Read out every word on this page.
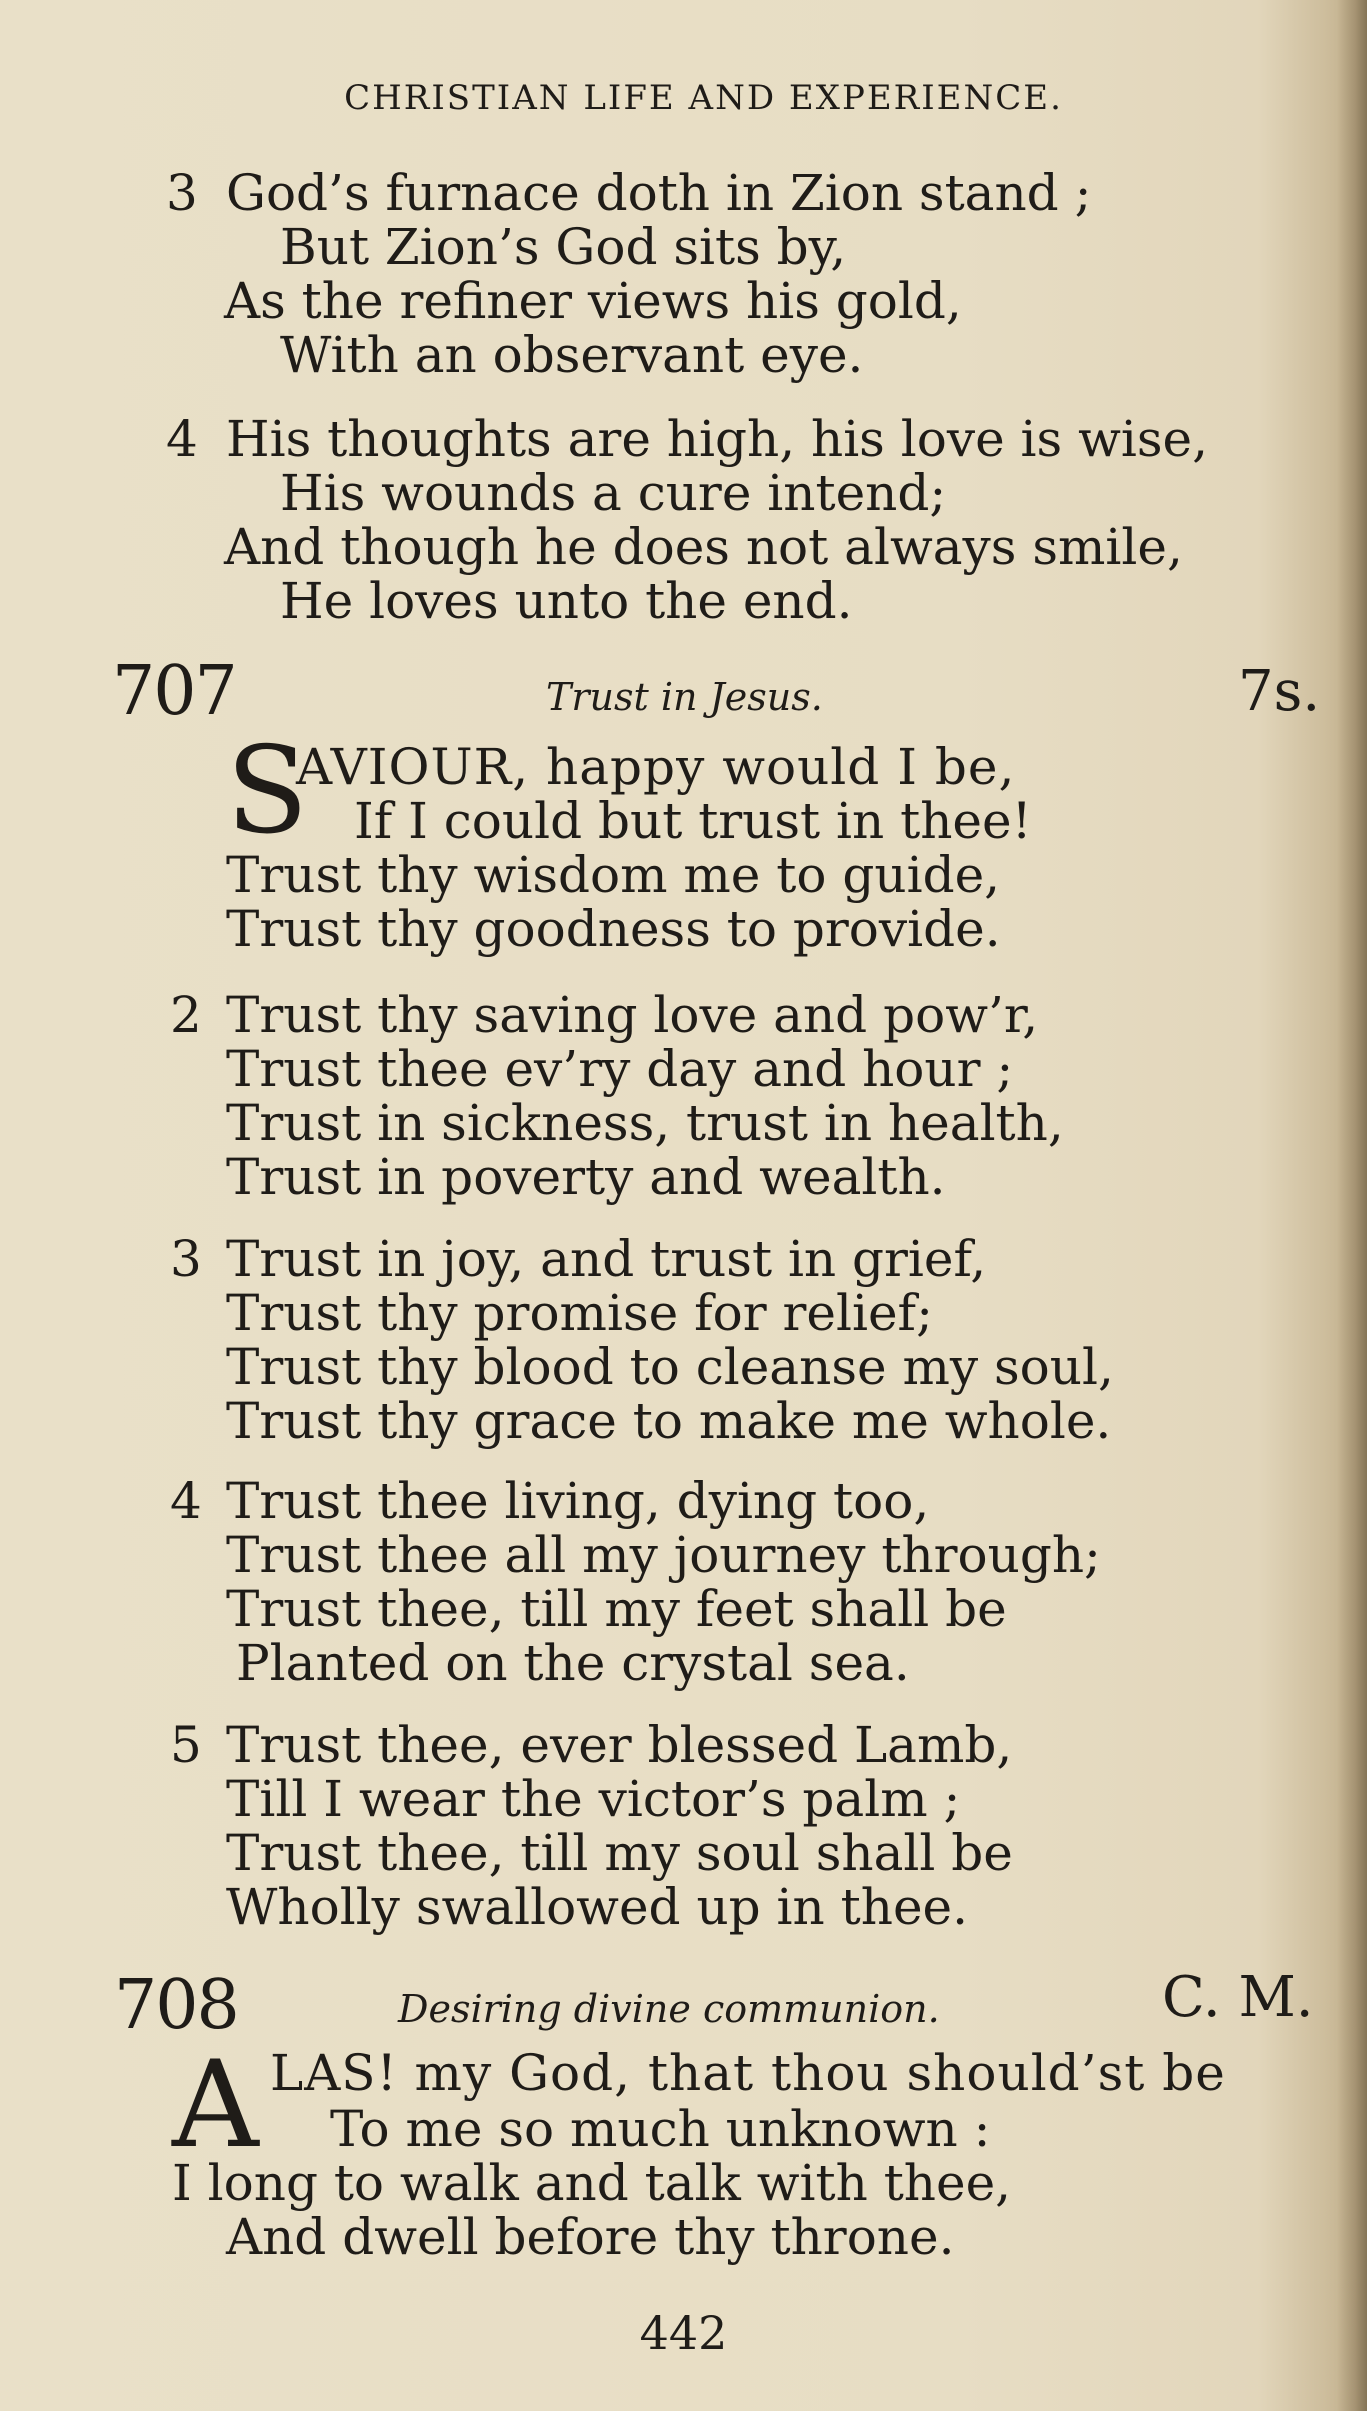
CHRISTIAN LIFE AND EXPERIENCE.
3 God’s furnace doth in Zion stand ;
But Zion’s God sits by,
As the refiner views his gold,
With an observant eye.
4 His thoughts are high, his love is wise,
His wounds a cure intend;
And though he does not always smile,
He loves unto the end.
707	Trust in Jesus.	7s.
S
AVIOUR, happy would I be,
If I could but trust in thee!
Trust thy wisdom me to guide,
Trust thy goodness to provide.
2 Trust thy saving love and pow’r,
Trust thee ev’ry day and hour ;
Trust in sickness, trust in health,
Trust in poverty and wealth.
3 Trust in joy, and trust in grief,
Trust thy promise for relief;
Trust thy blood to cleanse my soul,
Trust thy grace to make me whole.
4 Trust thee living, dying too,
Trust thee all my journey through;
Trust thee, till my feet shall be
Planted on the crystal sea.
5 Trust thee, ever blessed Lamb,
Till I wear the victor’s palm ;
Trust thee, till my soul shall be
Wholly swallowed up in thee.
708	Desiring divine communion.	C. M.
A LAS! my God, that thou should’st be
To me so much unknown :
I long to walk and talk with thee,
And dwell before thy throne.
442
